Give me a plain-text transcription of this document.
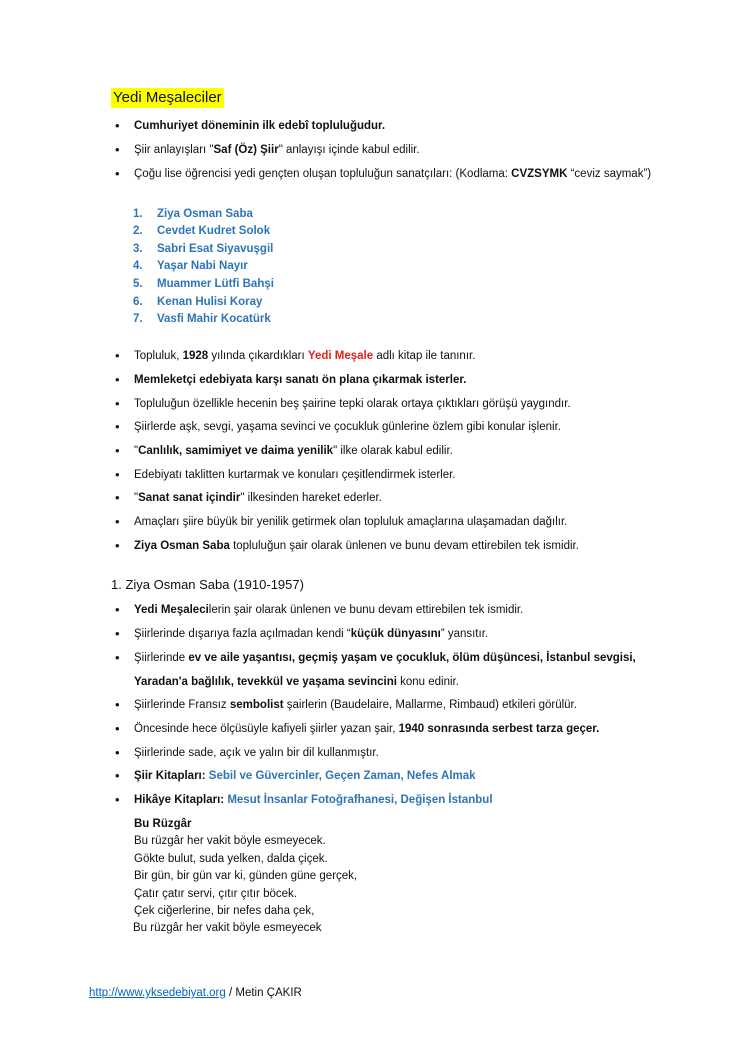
Yedi Meşaleciler
• Cumhuriyet döneminin ilk edebî topluluğudur.
• Şiir anlayışları "Saf (Öz) Şiir" anlayışı içinde kabul edilir.
• Çoğu lise öğrencisi yedi gençten oluşan topluluğun sanatçıları: (Kodlama: CVZSYMK “ceviz saymak”)
1. Ziya Osman Saba
2. Cevdet Kudret Solok
3. Sabri Esat Siyavuşgil
4. Yaşar Nabi Nayır
5. Muammer Lütfi Bahşi
6. Kenan Hulisi Koray
7. Vasfi Mahir Kocatürk
• Topluluk, 1928 yılında çıkardıkları Yedi Meşale adlı kitap ile tanınır.
• Memleketçi edebiyata karşı sanatı ön plana çıkarmak isterler.
• Topluluğun özellikle hecenin beş şairine tepki olarak ortaya çıktıkları görüşü yaygındır.
• Şiirlerde aşk, sevgi, yaşama sevinci ve çocukluk günlerine özlem gibi konular işlenir.
• "Canlılık, samimiyet ve daima yenilik" ilke olarak kabul edilir.
• Edebiyatı taklitten kurtarmak ve konuları çeşitlendirmek isterler.
• "Sanat sanat içindir" ilkesinden hareket ederler.
• Amaçları şiire büyük bir yenilik getirmek olan topluluk amaçlarına ulaşamadan dağılır.
• Ziya Osman Saba topluluğun şair olarak ünlenen ve bunu devam ettirebilen tek ismidir.
1. Ziya Osman Saba (1910-1957)
• Yedi Meşalecilerin şair olarak ünlenen ve bunu devam ettirebilen tek ismidir.
• Şiirlerinde dışarıya fazla açılmadan kendi “küçük dünyasını” yansıtır.
• Şiirlerinde ev ve aile yaşantısı, geçmiş yaşam ve çocukluk, ölüm düşüncesi, İstanbul sevgisi,
Yaradan'a bağlılık, tevekkül ve yaşama sevincini konu edinir.
• Şiirlerinde Fransız sembolist şairlerin (Baudelaire, Mallarme, Rimbaud) etkileri görülür.
• Öncesinde hece ölçüsüyle kafiyeli şiirler yazan şair, 1940 sonrasında serbest tarza geçer.
• Şiirlerinde sade, açık ve yalın bir dil kullanmıştır.
• Şiir Kitapları: Sebil ve Güvercinler, Geçen Zaman, Nefes Almak
• Hikâye Kitapları: Mesut İnsanlar Fotoğrafhanesi, Değişen İstanbul
Bu Rüzgâr
Bu rüzgâr her vakit böyle esmeyecek.
Gökte bulut, suda yelken, dalda çiçek.
Bir gün, bir gün var ki, günden güne gerçek,
Çatır çatır servi, çıtır çıtır böcek.
Çek ciğerlerine, bir nefes daha çek,
Bu rüzgâr her vakit böyle esmeyecek
http://www.yksedebiyat.org / Metin ÇAKIR
